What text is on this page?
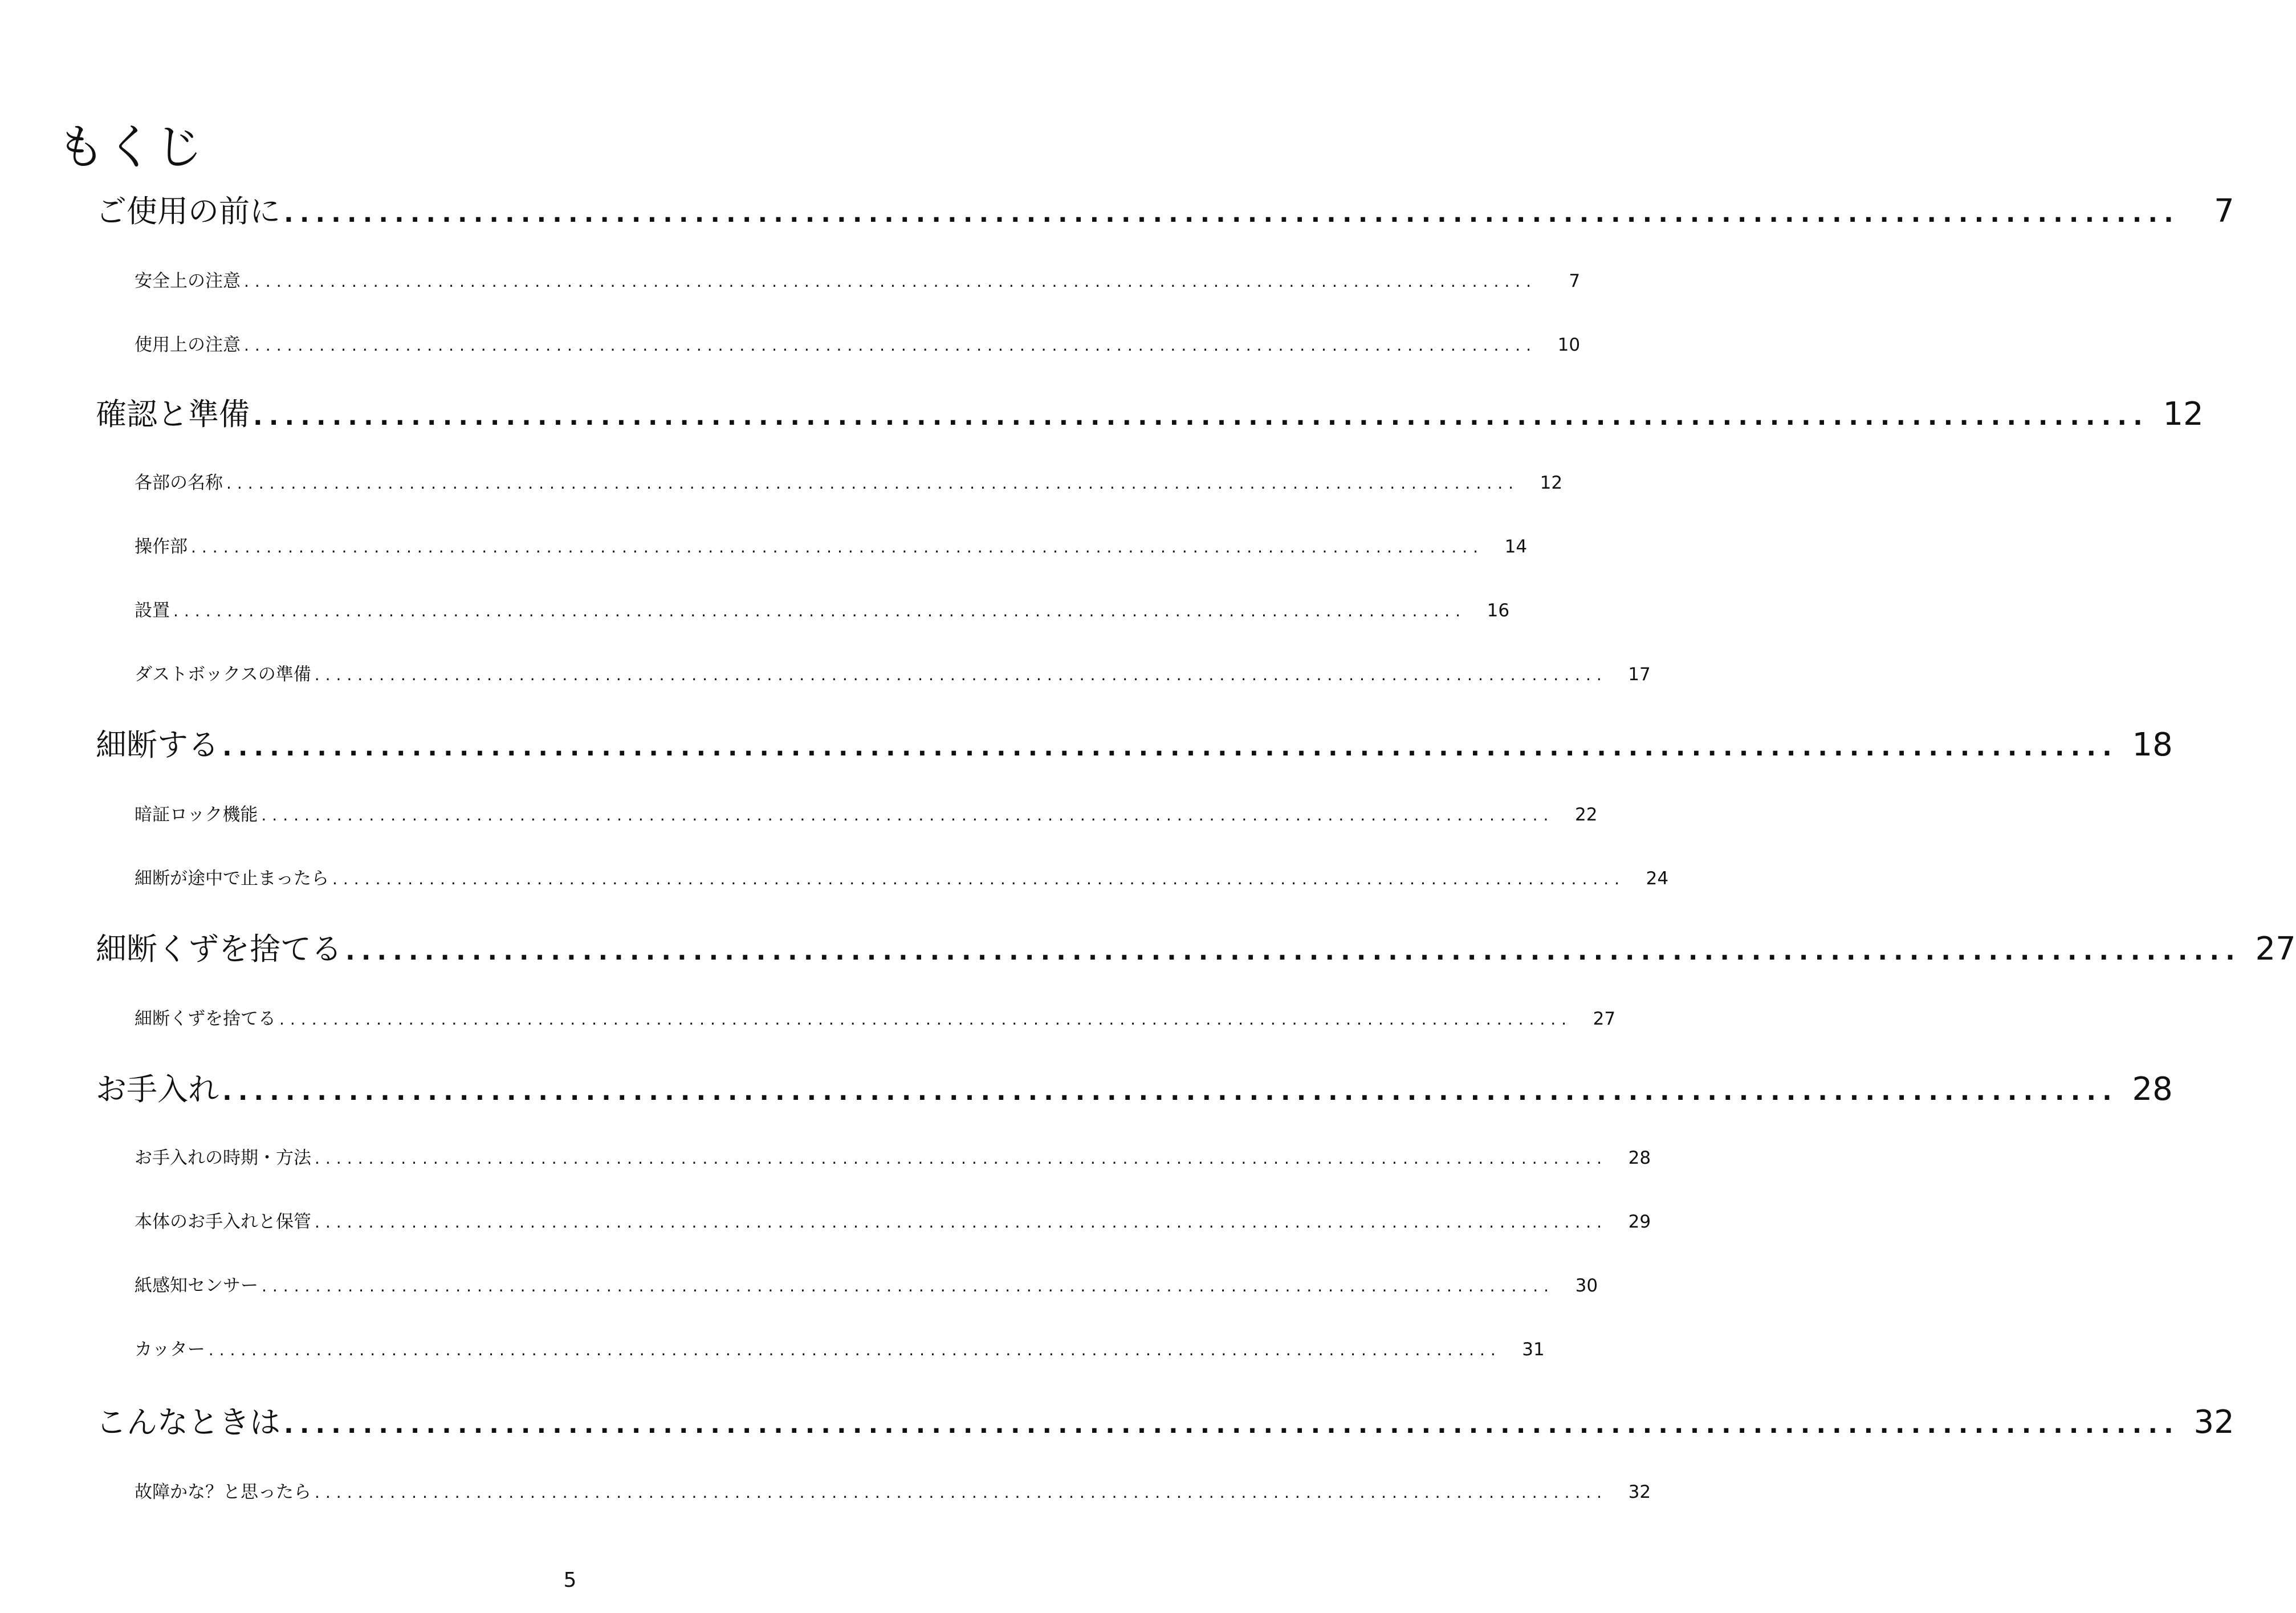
もくじ
ご使用の前に ........................................................................................................................	7
安全上の注意 ........................................................................................................................	7
使用上の注意 ........................................................................................................................	10
確認と準備 ........................................................................................................................ 12
各部の名称 ........................................................................................................................	12
操作部 ........................................................................................................................	14
設置 ........................................................................................................................	16
ダストボックスの準備 ........................................................................................................................	17
細断する ........................................................................................................................ 18
暗証ロック機能 ........................................................................................................................	22
細断が途中で止まったら ........................................................................................................................	24
細断くずを捨てる ........................................................................................................................ 27
細断くずを捨てる ........................................................................................................................	27
お手入れ ........................................................................................................................ 28
お手入れの時期・方法 ........................................................................................................................	28
本体のお手入れと保管 ........................................................................................................................	29
紙感知センサー ........................................................................................................................	30
カッター ........................................................................................................................	31
こんなときは ........................................................................................................................ 32
故障かな？と思ったら ........................................................................................................................	32
5
